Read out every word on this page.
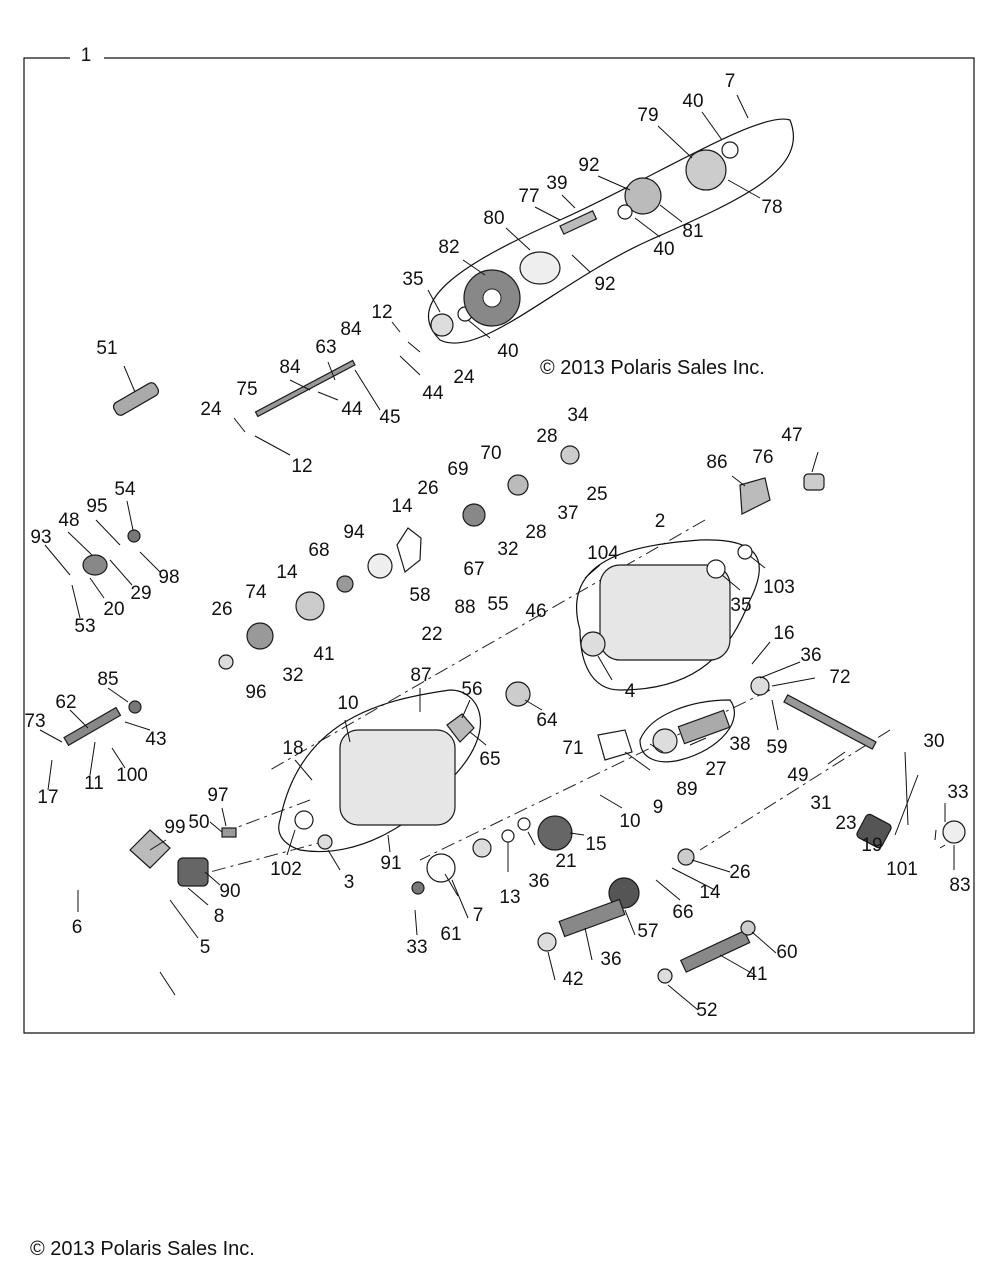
1
7
40
79
92
39
77
80
81
78
40
82
35	92
40
12
84
63
24
44
84
45
75
44
24
12
51
34
28
70
25
37
26
28
69
32
14
67
94
58
68
14
74
26
32
41
96
47
76
86
2
104
103
35
4
88 55 46
22	16
36
72
59
49
31
30
33
23
19
101
83
38
27
89
9
10
71
15
21
36
13
61
7
33
26
14
66
57
36
42
60
41
52
54
95
48
93
98
29
20
53
85
62
73
43
100
11
17
87
10
56
65
64
18
102
3
91
99
97
50
90
8
6
5
© 2013 Polaris Sales Inc.
© 2013 Polaris Sales Inc.
